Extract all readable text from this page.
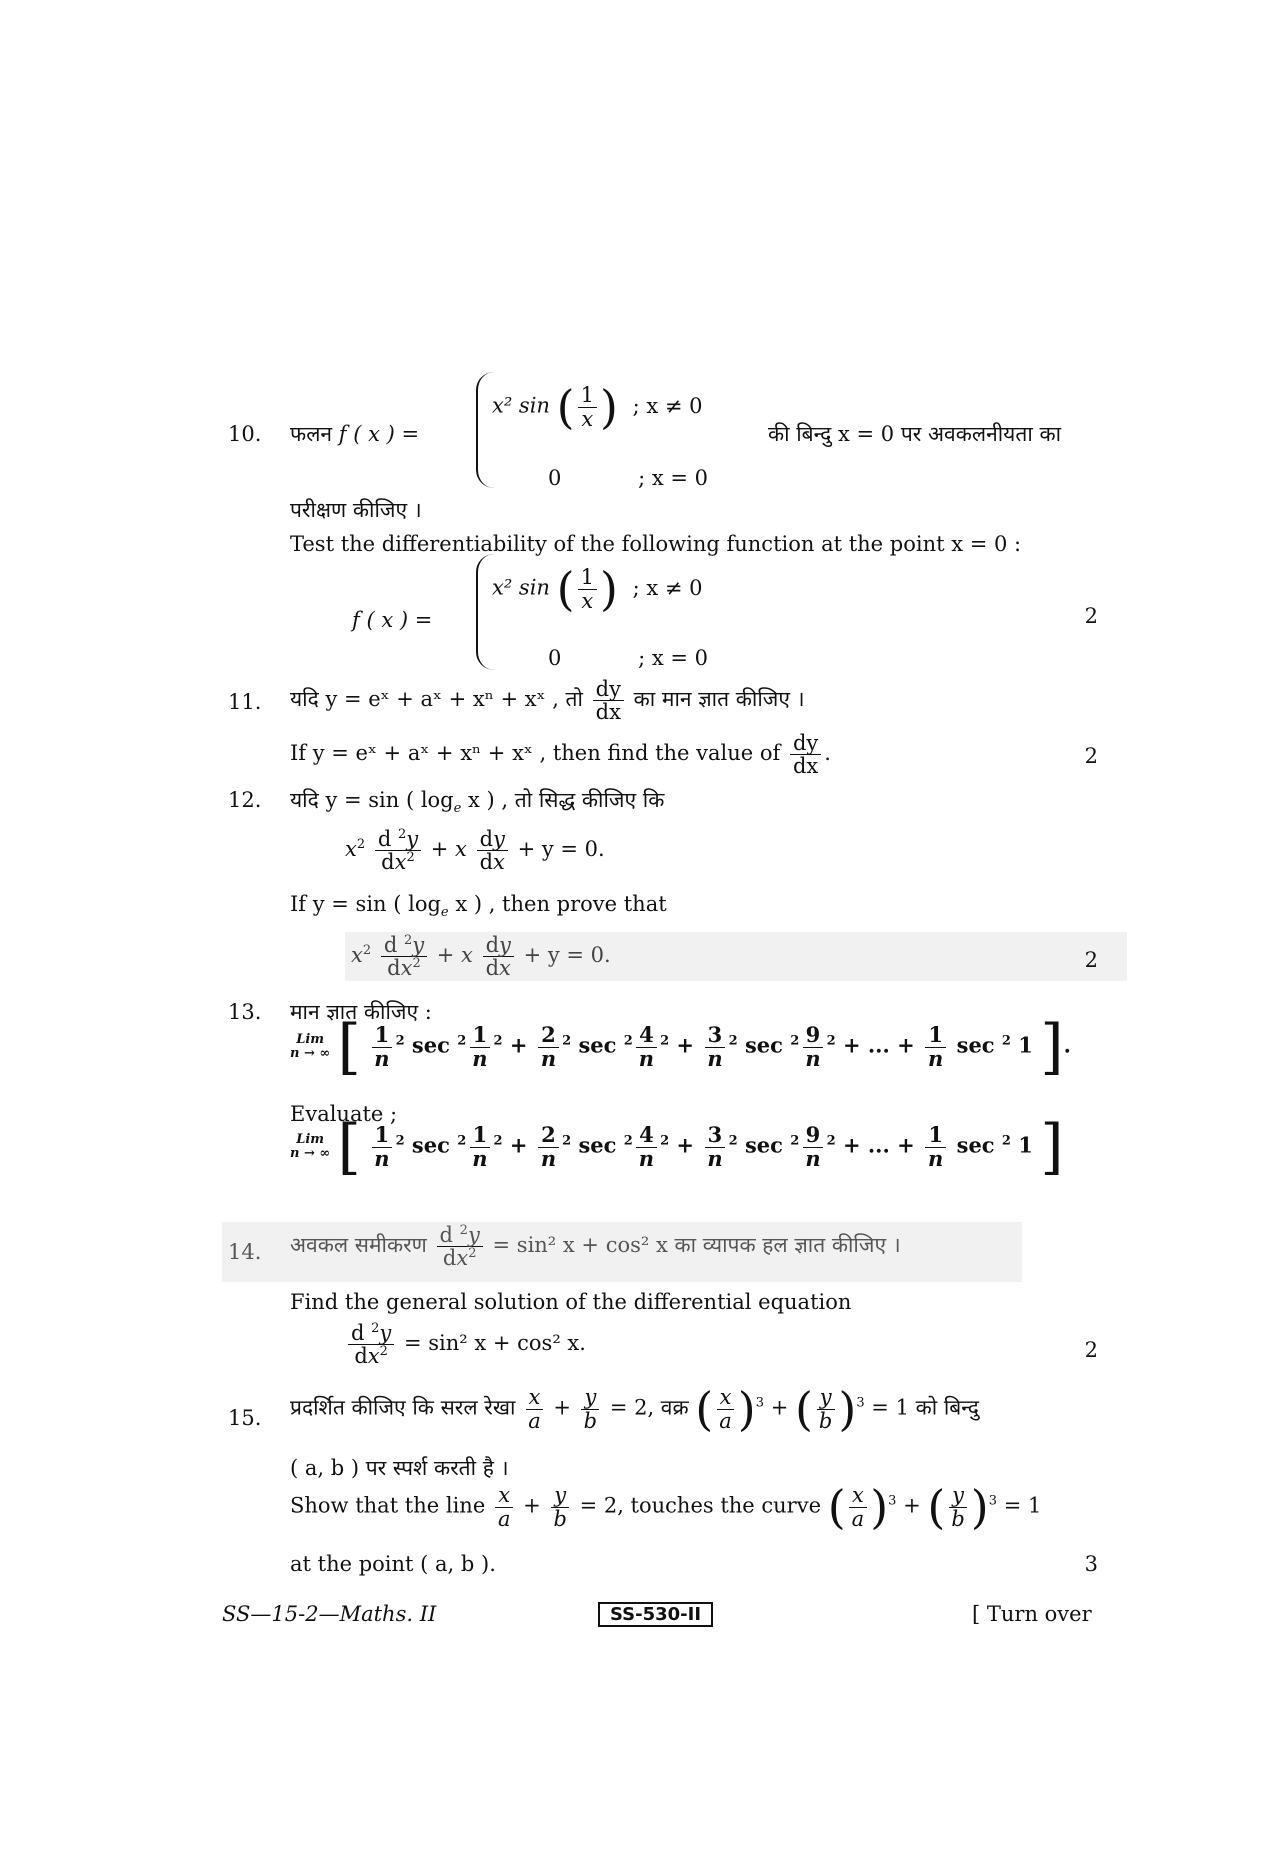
10. फलन f ( x ) =
x² sin ( $\frac{1}{x}$ ) ; x ≠ 0
0	; x = 0
की बिन्दु x = 0 पर अवकलनीयता का
परीक्षण कीजिए ।
Test the differentiability of the following function at the point x = 0 :
f ( x ) =
x² sin ( $\frac{1}{x}$ ) ; x ≠ 0
0	; x = 0
2
11. यदि y = eˣ + aˣ + xⁿ + xˣ , तो $\frac{dy}{dx}$ का मान ज्ञात कीजिए ।
If y = eˣ + aˣ + xⁿ + xˣ , then find the value of $\frac{dy}{dx}$ .	2
12. यदि y = sin ( $\log_e x$ ) , तो सिद्ध कीजिए कि
$x^2 \frac{d ^2y}{dx^2} + x \frac{dy}{dx} + y = 0$.
If y = sin ( $\log_e x$ ) , then prove that
$x^2 \frac{d ^2y}{dx^2} + x \frac{dy}{dx} + y = 0$.	2
13. मान ज्ञात कीजिए :
Lim
n → ∞ [ $\frac{1}{n} ^2$ $\sec ^2 \frac{1}{n} ^2 + \frac{2}{n} ^2$ $\sec ^2 \frac{4}{n} ^2 + \frac{3}{n} ^2$ $\sec ^2 \frac{9}{n} ^2$ + ... + $\frac{1}{n}$ sec $^2$ 1 ].
Evaluate ;
Lim
n → ∞ [ $\frac{1}{n} ^2$ $\sec ^2 \frac{1}{n} ^2 + \frac{2}{n} ^2$ $\sec ^2 \frac{4}{n} ^2 + \frac{3}{n} ^2$ $\sec ^2 \frac{9}{n} ^2$ + ... + $\frac{1}{n}$ sec $^2$ 1 ]
14. अवकल समीकरण $\frac{d ^2y}{dx^2} = \sin^2$ x + cos² x का व्यापक हल ज्ञात कीजिए ।
Find the general solution of the differential equation
$\frac{d ^2y}{dx^2} = \sin^2$ x + cos² x.	2
15. प्रदर्शित कीजिए कि सरल रेखा $\frac{x}{a} + \frac{y}{b} = 2$, वक्र ( $\frac{x}{a} )^3$ + ( $\frac{y}{b} )^3 = 1$ को बिन्दु
( a, b ) पर स्पर्श करती है ।
Show that the line $\frac{x}{a} + \frac{y}{b} = 2$, touches the curve ( $\frac{x}{a} )^3$ + ( $\frac{y}{b} )^3 = 1$
at the point ( a, b ).	3
SS—15-2—Maths. II	SS-530-II	[ Turn over
